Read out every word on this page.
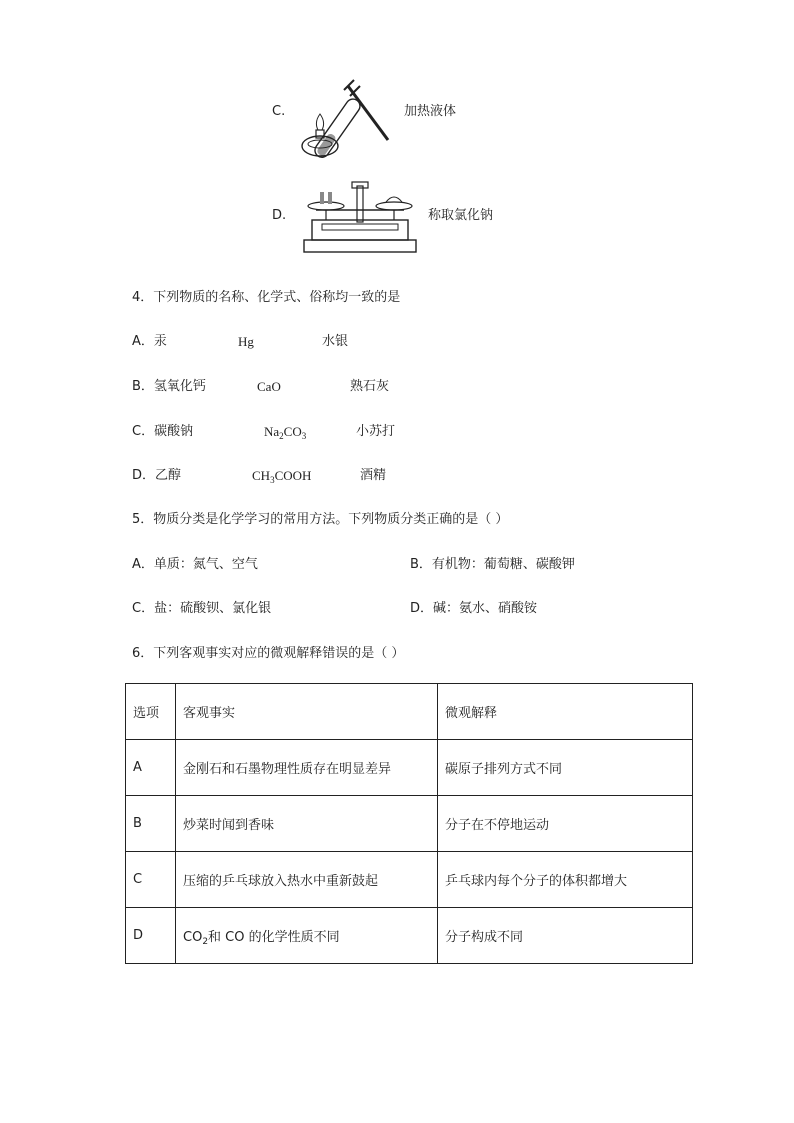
C.	加热液体
D.	称取氯化钠
4．下列物质的名称、化学式、俗称均一致的是
A．汞	Hg	水银
B．氢氧化钙	CaO	熟石灰
C．碳酸钠	$Na_2CO_3$	小苏打
D．乙醇	$CH_3COOH$	酒精
5．物质分类是化学学习的常用方法。下列物质分类正确的是（ ）
A．单质：氮气、空气	B．有机物：葡萄糖、碳酸钾
C．盐：硫酸钡、氯化银	D．碱：氨水、硝酸铵
6．下列客观事实对应的微观解释错误的是（ ）
选项	客观事实	微观解释
A	金刚石和石墨物理性质存在明显差异	碳原子排列方式不同
B	炒菜时闻到香味	分子在不停地运动
C	压缩的乒乓球放入热水中重新鼓起	乒乓球内每个分子的体积都增大
D	$CO_2$和 CO 的化学性质不同	分子构成不同
